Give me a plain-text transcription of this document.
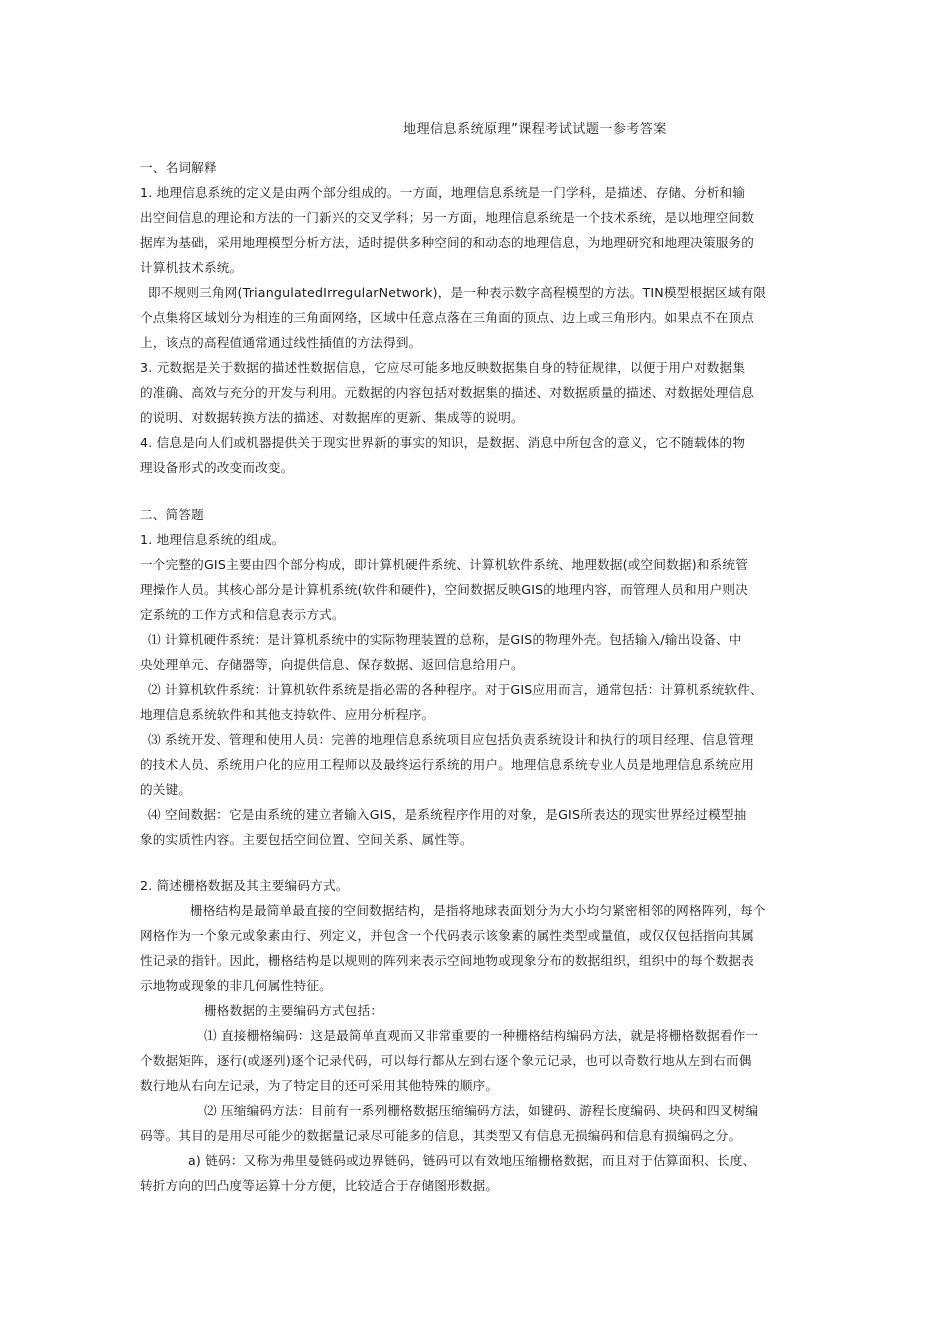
地理信息系统原理”课程考试试题一参考答案
一、名词解释
1. 地理信息系统的定义是由两个部分组成的。一方面，地理信息系统是一门学科，是描述、存储、分析和输
出空间信息的理论和方法的一门新兴的交叉学科；另一方面，地理信息系统是一个技术系统，是以地理空间数
据库为基础，采用地理模型分析方法，适时提供多种空间的和动态的地理信息，为地理研究和地理决策服务的
计算机技术系统。
即不规则三角网(TriangulatedIrregularNetwork)，是一种表示数字高程模型的方法。TIN模型根据区域有限
个点集将区域划分为相连的三角面网络，区域中任意点落在三角面的顶点、边上或三角形内。如果点不在顶点
上，该点的高程值通常通过线性插值的方法得到。
3. 元数据是关于数据的描述性数据信息，它应尽可能多地反映数据集自身的特征规律，以便于用户对数据集
的准确、高效与充分的开发与利用。元数据的内容包括对数据集的描述、对数据质量的描述、对数据处理信息
的说明、对数据转换方法的描述、对数据库的更新、集成等的说明。
4. 信息是向人们或机器提供关于现实世界新的事实的知识，是数据、消息中所包含的意义，它不随载体的物
理设备形式的改变而改变。
二、简答题
1. 地理信息系统的组成。
一个完整的GIS主要由四个部分构成，即计算机硬件系统、计算机软件系统、地理数据(或空间数据)和系统管
理操作人员。其核心部分是计算机系统(软件和硬件)，空间数据反映GIS的地理内容，而管理人员和用户则决
定系统的工作方式和信息表示方式。
⑴ 计算机硬件系统：是计算机系统中的实际物理装置的总称，是GIS的物理外壳。包括输入/输出设备、中
央处理单元、存储器等，向提供信息、保存数据、返回信息给用户。
⑵ 计算机软件系统：计算机软件系统是指必需的各种程序。对于GIS应用而言，通常包括：计算机系统软件、
地理信息系统软件和其他支持软件、应用分析程序。
⑶ 系统开发、管理和使用人员：完善的地理信息系统项目应包括负责系统设计和执行的项目经理、信息管理
的技术人员、系统用户化的应用工程师以及最终运行系统的用户。地理信息系统专业人员是地理信息系统应用
的关键。
⑷ 空间数据：它是由系统的建立者输入GIS，是系统程序作用的对象，是GIS所表达的现实世界经过模型抽
象的实质性内容。主要包括空间位置、空间关系、属性等。
2. 简述栅格数据及其主要编码方式。
栅格结构是最简单最直接的空间数据结构，是指将地球表面划分为大小均匀紧密相邻的网格阵列，每个
网格作为一个象元或象素由行、列定义，并包含一个代码表示该象素的属性类型或量值，或仅仅包括指向其属
性记录的指针。因此，栅格结构是以规则的阵列来表示空间地物或现象分布的数据组织，组织中的每个数据表
示地物或现象的非几何属性特征。
栅格数据的主要编码方式包括：
⑴ 直接栅格编码：这是最简单直观而又非常重要的一种栅格结构编码方法，就是将栅格数据看作一
个数据矩阵，逐行(或逐列)逐个记录代码，可以每行都从左到右逐个象元记录，也可以奇数行地从左到右而偶
数行地从右向左记录，为了特定目的还可采用其他特殊的顺序。
⑵ 压缩编码方法：目前有一系列栅格数据压缩编码方法，如键码、游程长度编码、块码和四叉树编
码等。其目的是用尽可能少的数据量记录尽可能多的信息，其类型又有信息无损编码和信息有损编码之分。
a) 链码：又称为弗里曼链码或边界链码，链码可以有效地压缩栅格数据，而且对于估算面积、长度、
转折方向的凹凸度等运算十分方便，比较适合于存储图形数据。
